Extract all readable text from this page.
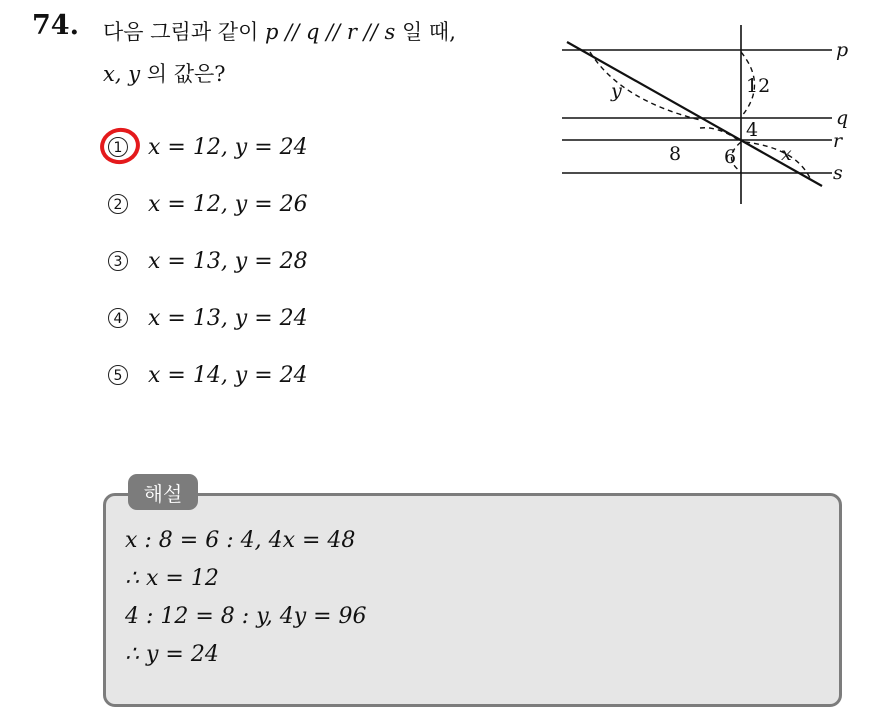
74. 다음 그림과 같이 p // q // r // s 일 때,
x, y 의 값은?
1 x = 12, y = 24
2 x = 12, y = 26
3 x = 13, y = 28
4 x = 13, y = 24
5 x = 14, y = 24
p
q
r
s
12
4
6
8
y
x
해설
x : 8 = 6 : 4, 4x = 48
∴ x = 12
4 : 12 = 8 : y, 4y = 96
∴ y = 24
